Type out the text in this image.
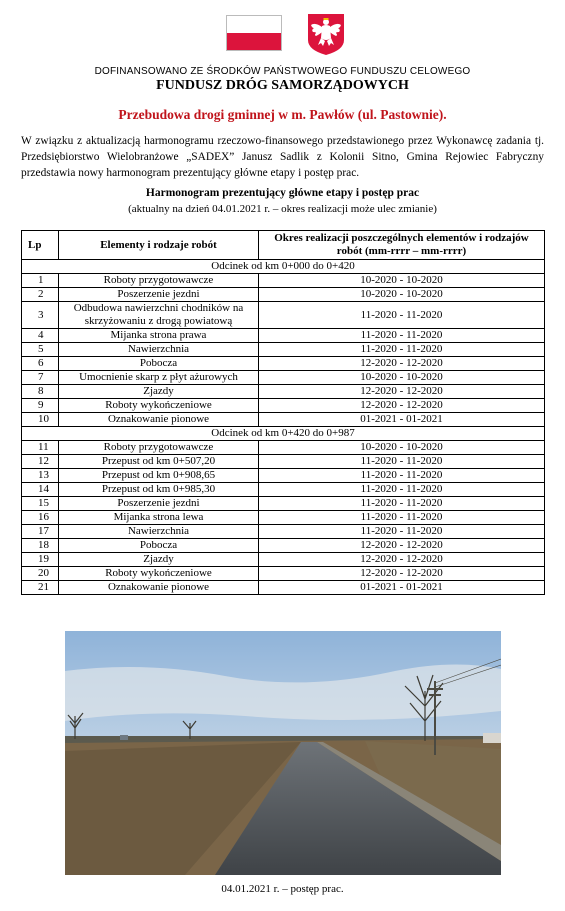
DOFINANSOWANO ZE ŚRODKÓW PAŃSTWOWEGO FUNDUSZU CELOWEGO
FUNDUSZ DRÓG SAMORZĄDOWYCH
Przebudowa drogi gminnej w m. Pawłów (ul. Pastownie).
W związku z aktualizacją harmonogramu rzeczowo-finansowego przedstawionego przez Wykonawcę zadania tj. Przedsiębiorstwo Wielobranżowe „SADEX” Janusz Sadlik z Kolonii Sitno, Gmina Rejowiec Fabryczny przedstawia nowy harmonogram prezentujący główne etapy i postęp prac.
Harmonogram prezentujący główne etapy i postęp prac
(aktualny na dzień 04.01.2021 r. – okres realizacji może ulec zmianie)
Lp	Elementy i rodzaje robót	Okres realizacji poszczególnych elementów i rodzajów robót (mm-rrrr – mm-rrrr)
Odcinek od km 0+000 do 0+420		
1	Roboty przygotowawcze	10-2020 - 10-2020
2	Poszerzenie jezdni	10-2020 - 10-2020
3	Odbudowa nawierzchni chodników na skrzyżowaniu z drogą powiatową	11-2020 - 11-2020
4	Mijanka strona prawa	11-2020 - 11-2020
5	Nawierzchnia	11-2020 - 11-2020
6	Pobocza	12-2020 - 12-2020
7	Umocnienie skarp z płyt ażurowych	10-2020 - 10-2020
8	Zjazdy	12-2020 - 12-2020
9	Roboty wykończeniowe	12-2020 - 12-2020
10	Oznakowanie pionowe	01-2021 - 01-2021
Odcinek od km 0+420 do 0+987		
11	Roboty przygotowawcze	10-2020 - 10-2020
12	Przepust od km 0+507,20	11-2020 - 11-2020
13	Przepust od km 0+908,65	11-2020 - 11-2020
14	Przepust od km 0+985,30	11-2020 - 11-2020
15	Poszerzenie jezdni	11-2020 - 11-2020
16	Mijanka strona lewa	11-2020 - 11-2020
17	Nawierzchnia	11-2020 - 11-2020
18	Pobocza	12-2020 - 12-2020
19	Zjazdy	12-2020 - 12-2020
20	Roboty wykończeniowe	12-2020 - 12-2020
21	Oznakowanie pionowe	01-2021 - 01-2021
04.01.2021 r. – postęp prac.
